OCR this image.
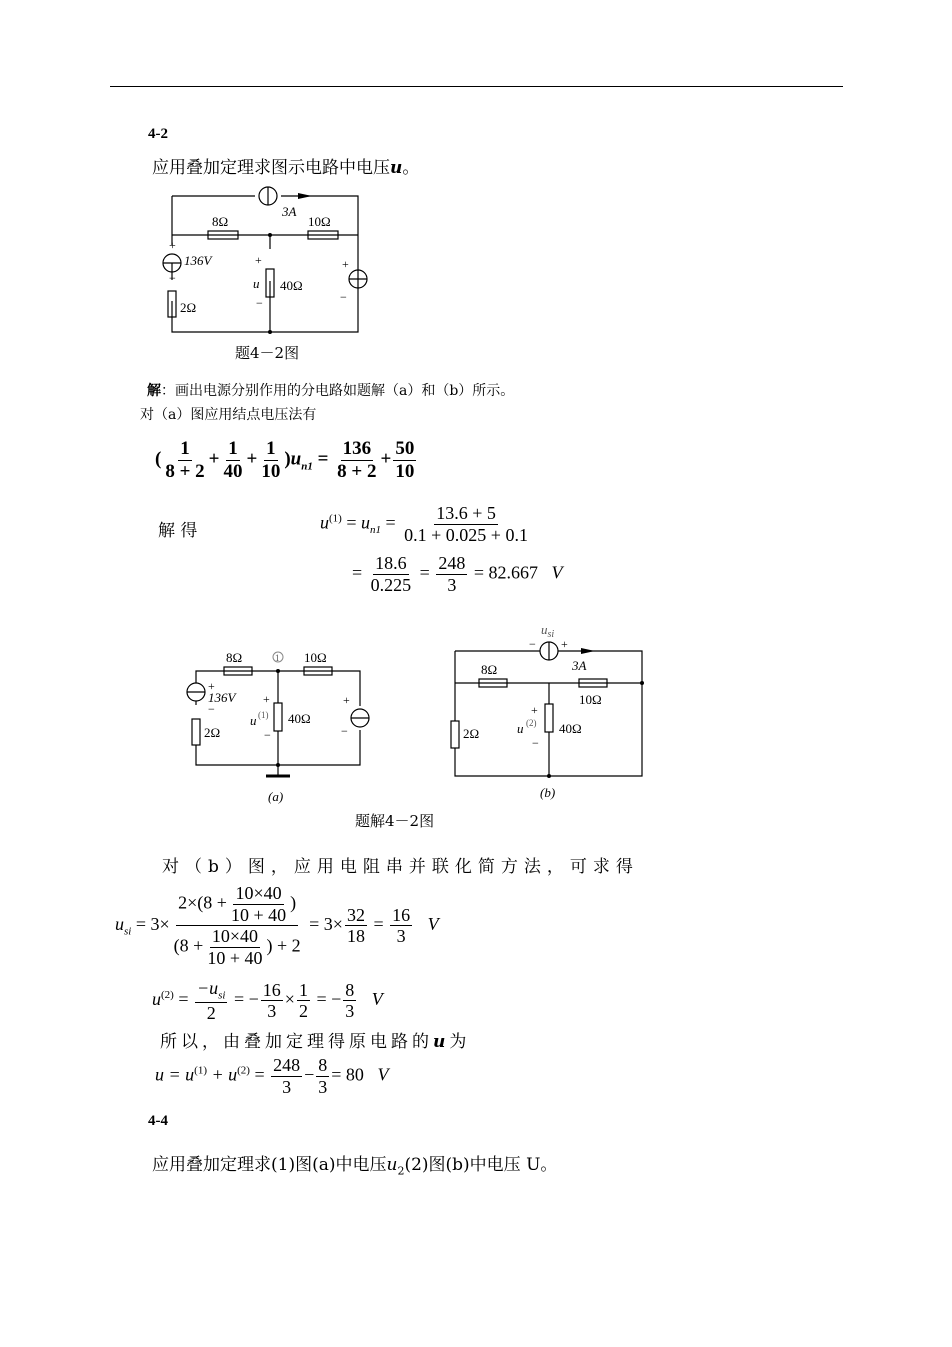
4-2
应用叠加定理求图示电路中电压u。
3A
8Ω	10Ω
40Ω
2Ω
136V
+
−
+
u
−
+
−
题4－2图
解：画出电源分别作用的分电路如题解（a）和（b）所示。
对（a）图应用结点电压法有
( $\frac{1}{8 + 2} + \frac{1}{40} + \frac{1}{10} )u_{n1} = \frac{136}{8 + 2} + \frac{50}{10}$
解 得	$u^{(1)} = u_{n1} = \frac{13.6 + 5}{0.1 + 0.025 + 0.1}$
= $\frac{18.6}{0.225} = \frac{248}{3} = 82.667$ V
1
8Ω	10Ω
40Ω
2Ω
136V
+
−
+
u (1)
−
+
−
(a)
$u_{si}$
− +
3A
8Ω
10Ω
40Ω
2Ω
+
u (2)
−
(b)
题解4－2图
对（b）图，应用电阻串并联化简方法，可求得
$u_{si} = 3\times \frac{2\times(8 + \frac{10\times 40}{10 + 40} )}{(8 + \frac{10\times 40}{10 + 40} ) + 2} = 3\times \frac{32}{18} = \frac{16}{3}$ V
$u^{(2)} = \frac{-u_{si}}{2}$ = − $\frac{16}{3} \times \frac{1}{2}$ = − $\frac{8}{3}$ V
所以，由叠加定理得原电路的u为
$u = u^{(1)} + u^{(2)} = \frac{248}{3} - \frac{8}{3} = 80$ V
4-4
应用叠加定理求(1)图(a)中电压$u_2(2)$图(b)中电压 U。
